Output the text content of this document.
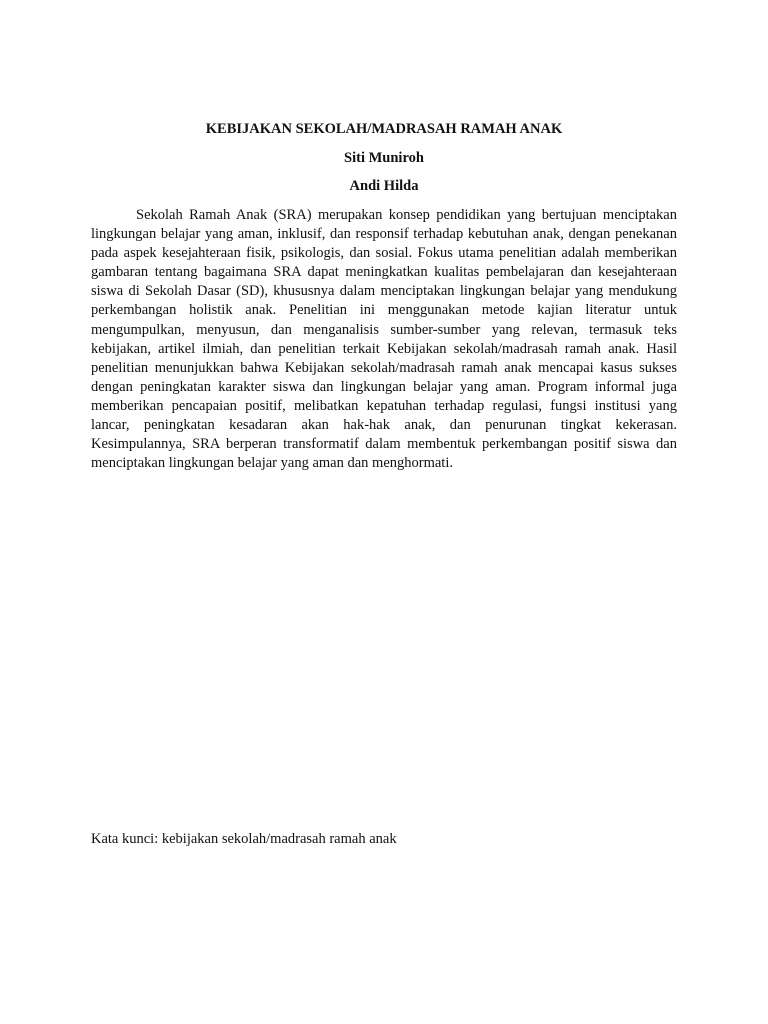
KEBIJAKAN SEKOLAH/MADRASAH RAMAH ANAK
Siti Muniroh
Andi Hilda

Sekolah Ramah Anak (SRA) merupakan konsep pendidikan yang bertujuan menciptakan lingkungan belajar yang aman, inklusif, dan responsif terhadap kebutuhan anak, dengan penekanan pada aspek kesejahteraan fisik, psikologis, dan sosial. Fokus utama penelitian adalah memberikan gambaran tentang bagaimana SRA dapat meningkatkan kualitas pembelajaran dan kesejahteraan siswa di Sekolah Dasar (SD), khususnya dalam menciptakan lingkungan belajar yang mendukung perkembangan holistik anak. Penelitian ini menggunakan metode kajian literatur untuk mengumpulkan, menyusun, dan menganalisis sumber-sumber yang relevan, termasuk teks kebijakan, artikel ilmiah, dan penelitian terkait Kebijakan sekolah/madrasah ramah anak. Hasil penelitian menunjukkan bahwa Kebijakan sekolah/madrasah ramah anak mencapai kasus sukses dengan peningkatan karakter siswa dan lingkungan belajar yang aman. Program informal juga memberikan pencapaian positif, melibatkan kepatuhan terhadap regulasi, fungsi institusi yang lancar, peningkatan kesadaran akan hak-hak anak, dan penurunan tingkat kekerasan. Kesimpulannya, SRA berperan transformatif dalam membentuk perkembangan positif siswa dan menciptakan lingkungan belajar yang aman dan menghormati.

Kata kunci: kebijakan sekolah/madrasah ramah anak
